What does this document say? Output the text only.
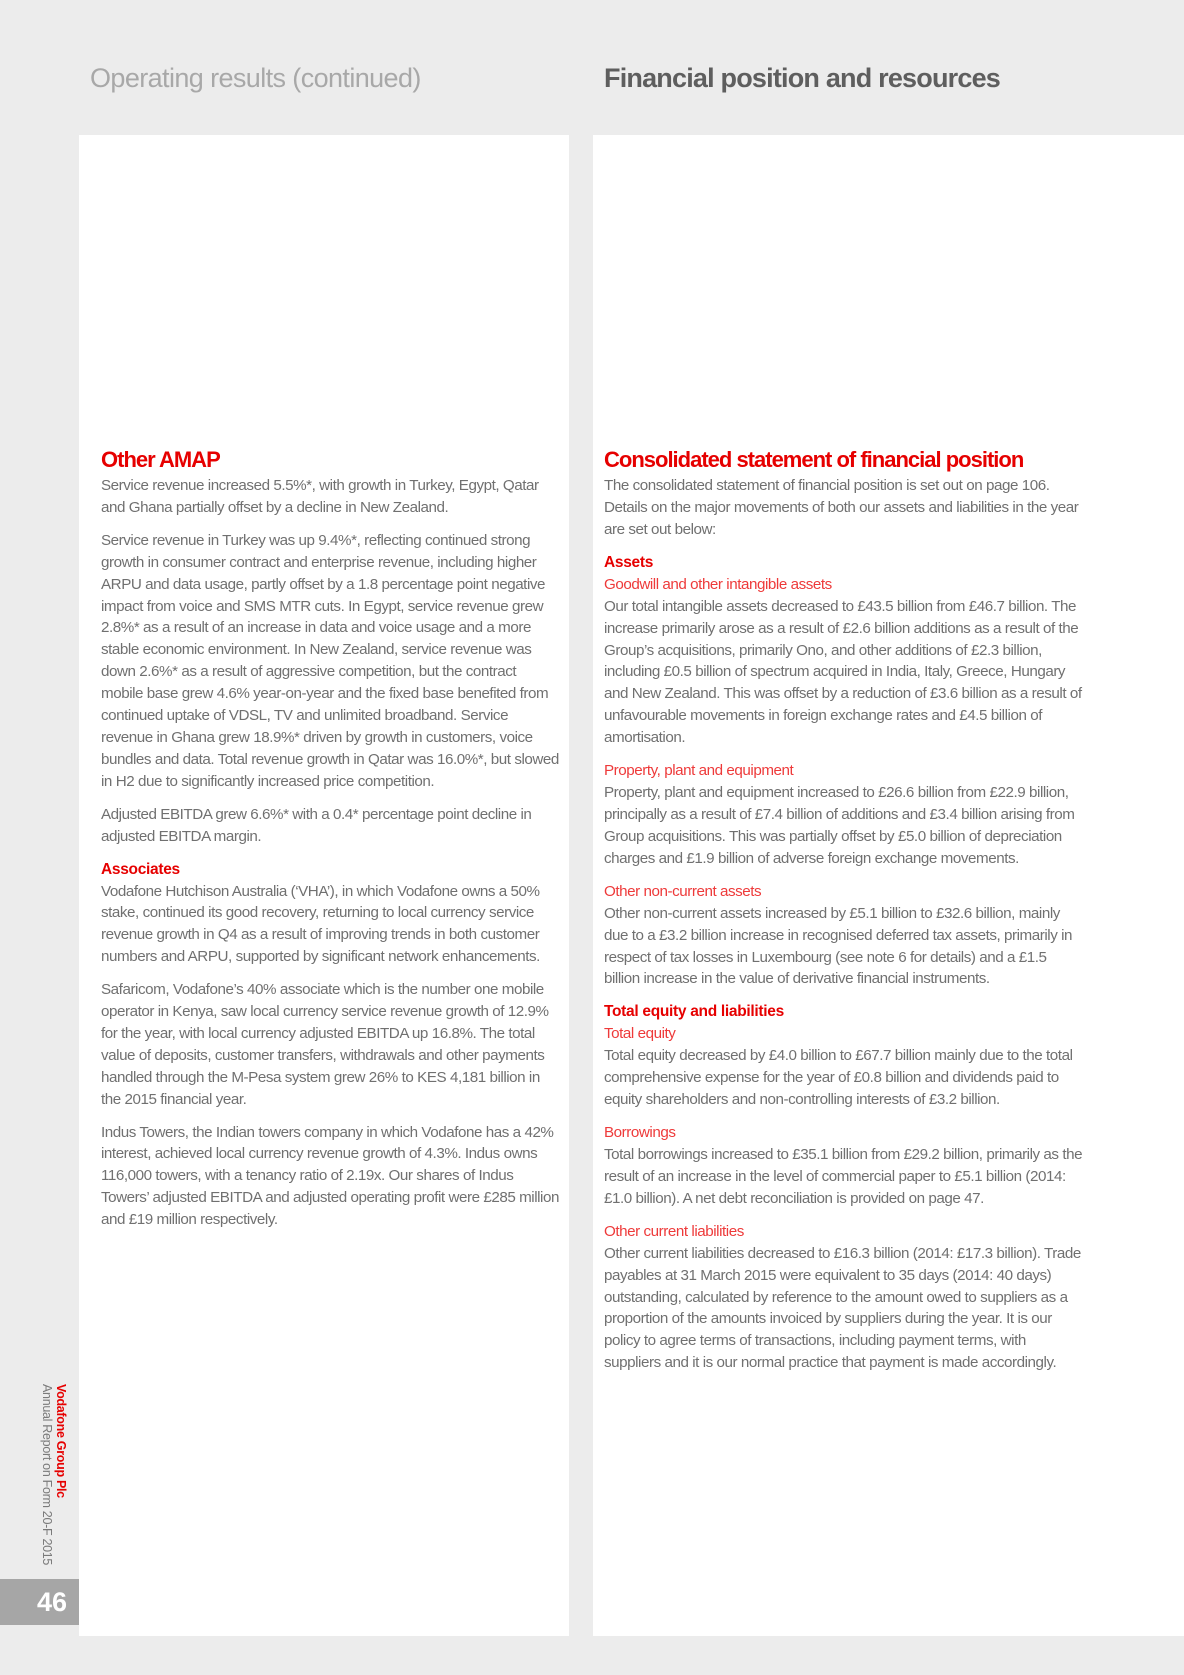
Operating results (continued)	Financial position and resources
Other AMAP

Service revenue increased 5.5%*, with growth in Turkey, Egypt, Qatar and Ghana partially offset by a decline in New Zealand.

Service revenue in Turkey was up 9.4%*, reflecting continued strong growth in consumer contract and enterprise revenue, including higher ARPU and data usage, partly offset by a 1.8 percentage point negative impact from voice and SMS MTR cuts. In Egypt, service revenue grew 2.8%* as a result of an increase in data and voice usage and a more stable economic environment. In New Zealand, service revenue was down 2.6%* as a result of aggressive competition, but the contract mobile base grew 4.6% year-on-year and the fixed base benefited from continued uptake of VDSL, TV and unlimited broadband. Service revenue in Ghana grew 18.9%* driven by growth in customers, voice bundles and data. Total revenue growth in Qatar was 16.0%*, but slowed in H2 due to significantly increased price competition.

Adjusted EBITDA grew 6.6%* with a 0.4* percentage point decline in adjusted EBITDA margin.

Associates

Vodafone Hutchison Australia (‘VHA’), in which Vodafone owns a 50% stake, continued its good recovery, returning to local currency service revenue growth in Q4 as a result of improving trends in both customer numbers and ARPU, supported by significant network enhancements.

Safaricom, Vodafone’s 40% associate which is the number one mobile operator in Kenya, saw local currency service revenue growth of 12.9% for the year, with local currency adjusted EBITDA up 16.8%. The total value of deposits, customer transfers, withdrawals and other payments handled through the M-Pesa system grew 26% to KES 4,181 billion in the 2015 financial year.

Indus Towers, the Indian towers company in which Vodafone has a 42% interest, achieved local currency revenue growth of 4.3%. Indus owns 116,000 towers, with a tenancy ratio of 2.19x. Our shares of Indus Towers’ adjusted EBITDA and adjusted operating profit were £285 million and £19 million respectively.

Consolidated statement of financial position

The consolidated statement of financial position is set out on page 106. Details on the major movements of both our assets and liabilities in the year are set out below:

Assets
Goodwill and other intangible assets

Our total intangible assets decreased to £43.5 billion from £46.7 billion. The increase primarily arose as a result of £2.6 billion additions as a result of the Group’s acquisitions, primarily Ono, and other additions of £2.3 billion, including £0.5 billion of spectrum acquired in India, Italy, Greece, Hungary and New Zealand. This was offset by a reduction of £3.6 billion as a result of unfavourable movements in foreign exchange rates and £4.5 billion of amortisation.

Property, plant and equipment

Property, plant and equipment increased to £26.6 billion from £22.9 billion, principally as a result of £7.4 billion of additions and £3.4 billion arising from Group acquisitions. This was partially offset by £5.0 billion of depreciation charges and £1.9 billion of adverse foreign exchange movements.

Other non-current assets

Other non-current assets increased by £5.1 billion to £32.6 billion, mainly due to a £3.2 billion increase in recognised deferred tax assets, primarily in respect of tax losses in Luxembourg (see note 6 for details) and a £1.5 billion increase in the value of derivative financial instruments.

Total equity and liabilities
Total equity

Total equity decreased by £4.0 billion to £67.7 billion mainly due to the total comprehensive expense for the year of £0.8 billion and dividends paid to equity shareholders and non-controlling interests of £3.2 billion.

Borrowings

Total borrowings increased to £35.1 billion from £29.2 billion, primarily as the result of an increase in the level of commercial paper to £5.1 billion (2014: £1.0 billion). A net debt reconciliation is provided on page 47.

Other current liabilities

Other current liabilities decreased to £16.3 billion (2014: £17.3 billion). Trade payables at 31 March 2015 were equivalent to 35 days (2014: 40 days) outstanding, calculated by reference to the amount owed to suppliers as a proportion of the amounts invoiced by suppliers during the year. It is our policy to agree terms of transactions, including payment terms, with suppliers and it is our normal practice that payment is made accordingly.

Vodafone Group Plc
Annual Report on Form 20-F 2015
46
